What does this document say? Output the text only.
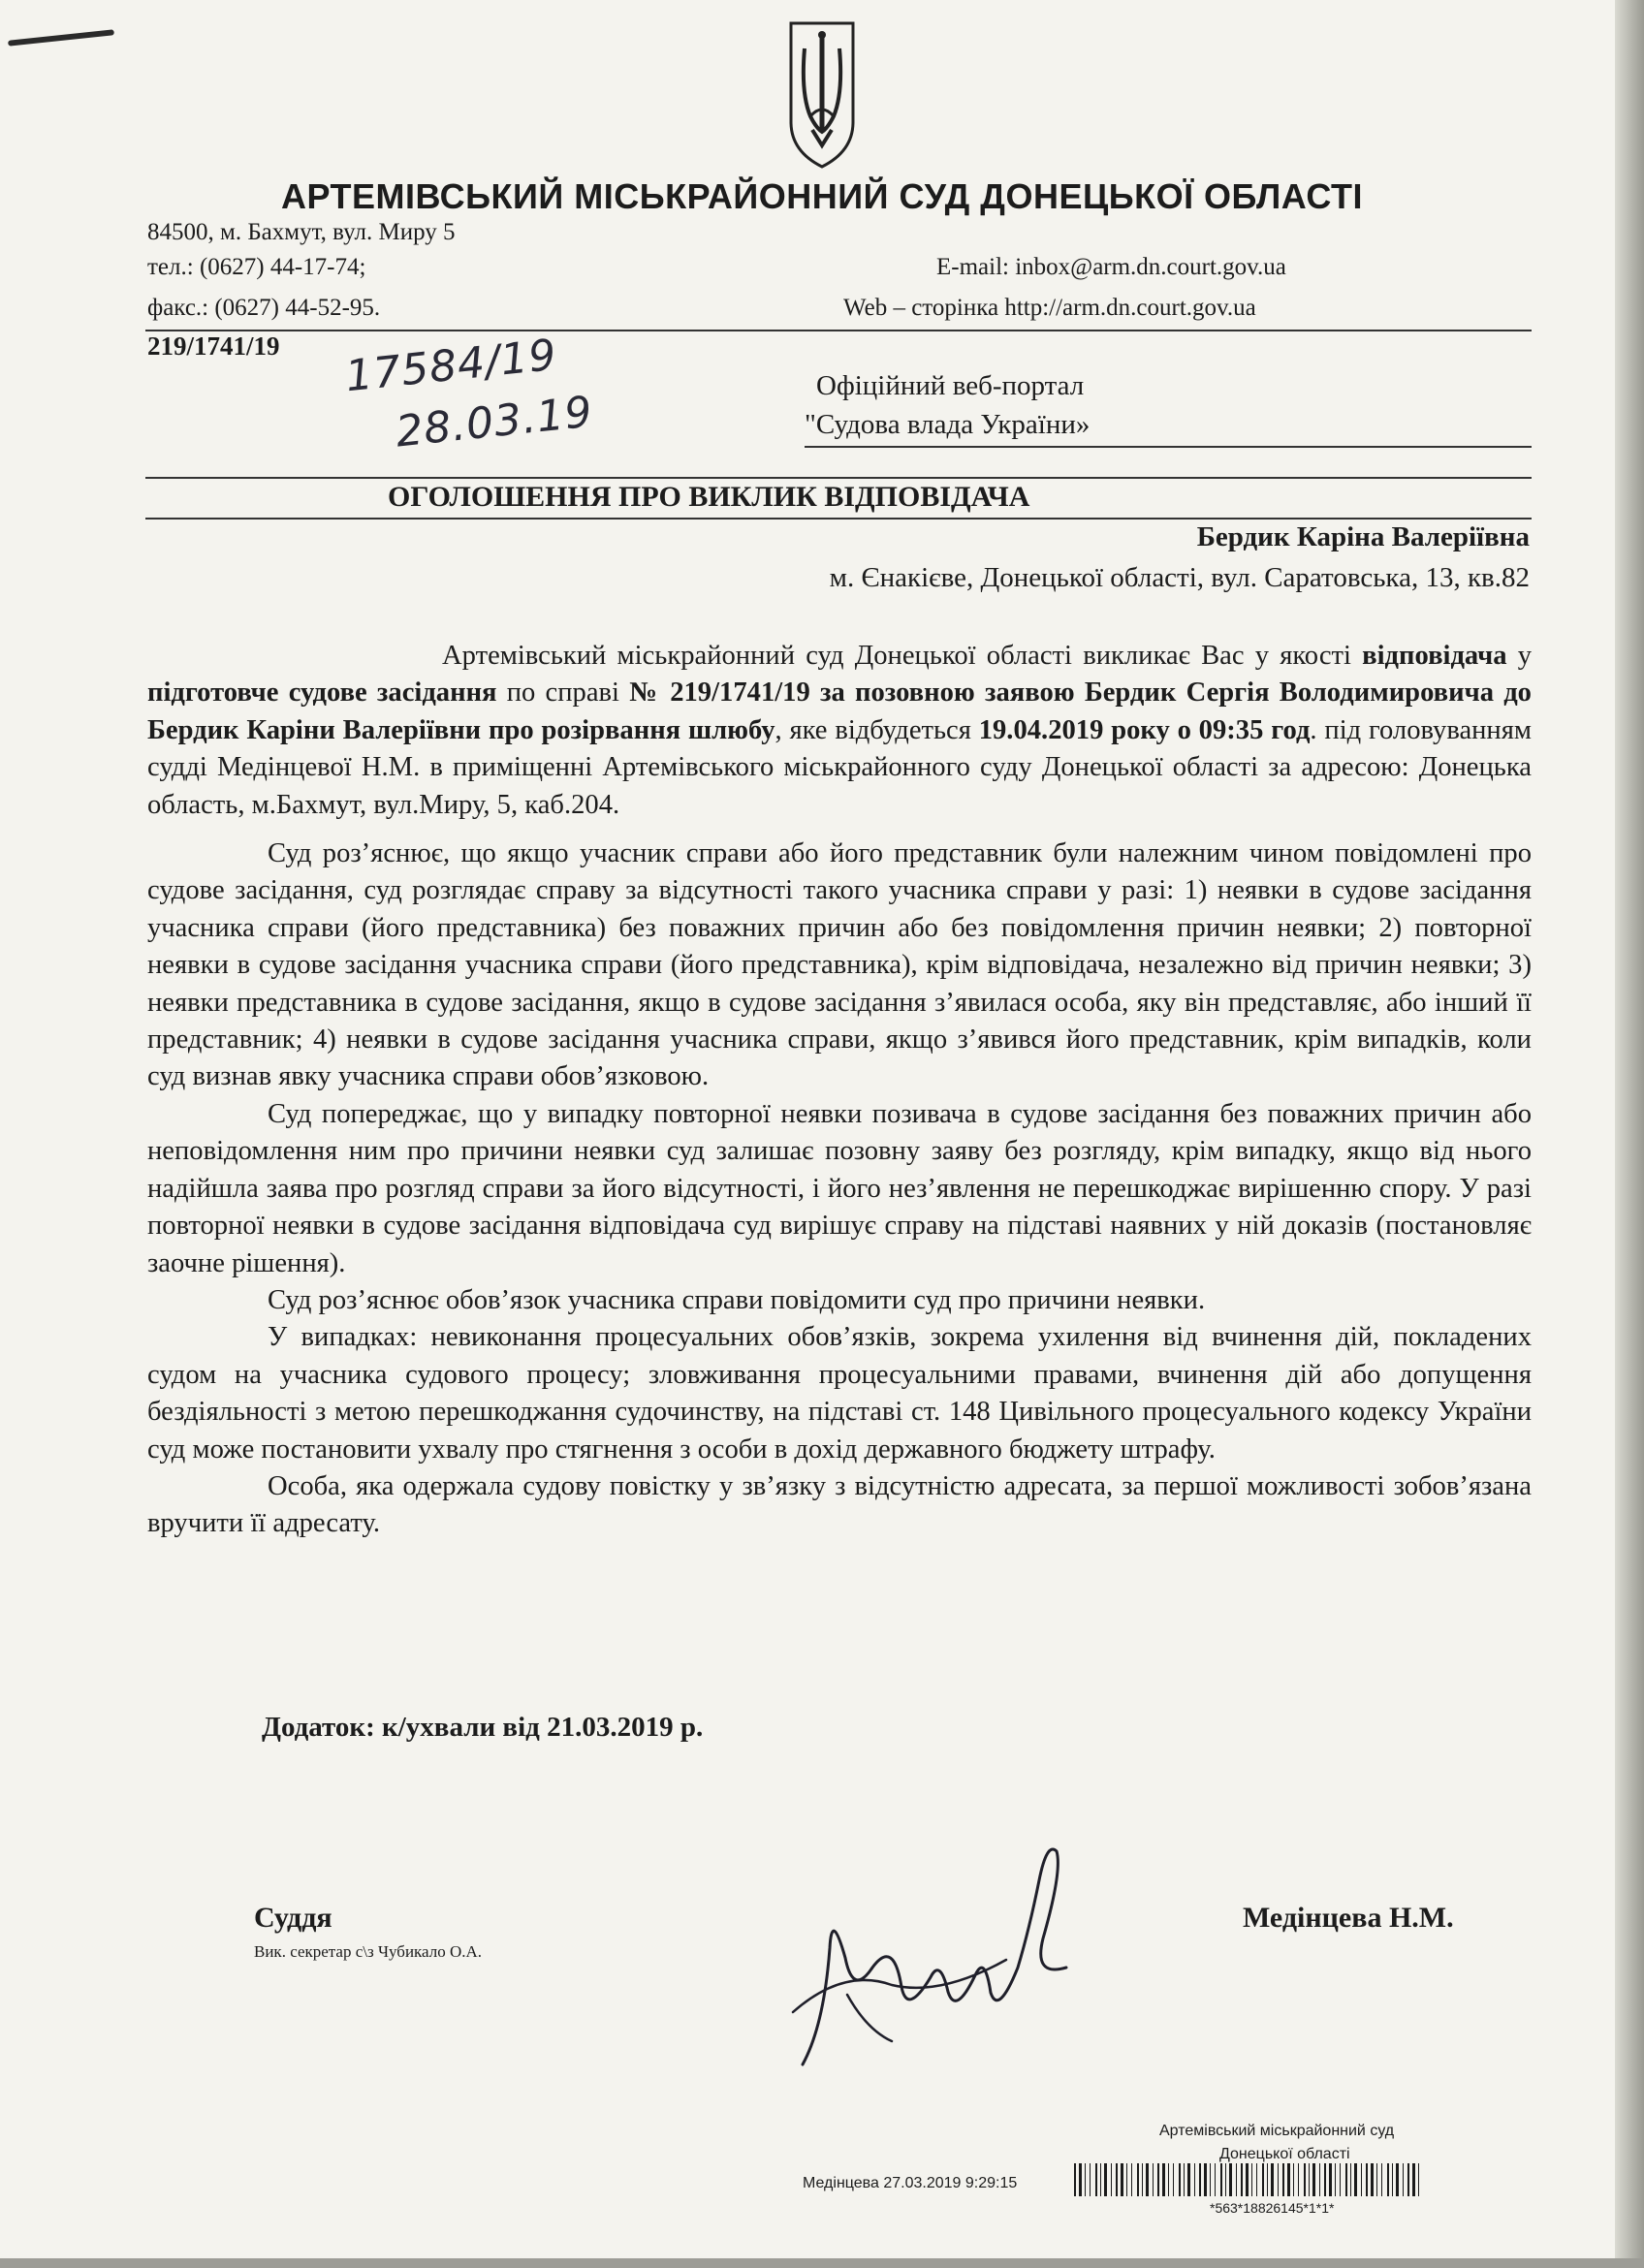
АРТЕМІВСЬКИЙ МІСЬКРАЙОННИЙ СУД ДОНЕЦЬКОЇ ОБЛАСТІ
84500, м. Бахмут, вул. Миру 5
тел.: (0627) 44-17-74;
факс.: (0627) 44-52-95.
E-mail: inbox@arm.dn.court.gov.ua
Web – сторінка http://arm.dn.court.gov.ua
219/1741/19 17584/19
28.03.19
Офіційний веб-портал
"Судова влада України»
ОГОЛОШЕННЯ ПРО ВИКЛИК ВІДПОВІДАЧА
Бердик Каріна Валеріївна
м. Єнакієве, Донецької області, вул. Саратовська, 13, кв.82

Артемівський міськрайонний суд Донецької області викликає Вас у якості відповідача у підготовче судове засідання по справі № 219/1741/19 за позовною заявою Бердик Сергія Володимировича до Бердик Каріни Валеріївни про розірвання шлюбу, яке відбудеться 19.04.2019 року о 09:35 год. під головуванням судді Медінцевої Н.М. в приміщенні Артемівського міськрайонного суду Донецької області за адресою: Донецька область, м.Бахмут, вул.Миру, 5, каб.204.

Суд роз’яснює, що якщо учасник справи або його представник були належним чином повідомлені про судове засідання, суд розглядає справу за відсутності такого учасника справи у разі: 1) неявки в судове засідання учасника справи (його представника) без поважних причин або без повідомлення причин неявки; 2) повторної неявки в судове засідання учасника справи (його представника), крім відповідача, незалежно від причин неявки; 3) неявки представника в судове засідання, якщо в судове засідання з’явилася особа, яку він представляє, або інший її представник; 4) неявки в судове засідання учасника справи, якщо з’явився його представник, крім випадків, коли суд визнав явку учасника справи обов’язковою.

Суд попереджає, що у випадку повторної неявки позивача в судове засідання без поважних причин або неповідомлення ним про причини неявки суд залишає позовну заяву без розгляду, крім випадку, якщо від нього надійшла заява про розгляд справи за його відсутності, і його нез’явлення не перешкоджає вирішенню спору. У разі повторної неявки в судове засідання відповідача суд вирішує справу на підставі наявних у ній доказів (постановляє заочне рішення).

Суд роз’яснює обов’язок учасника справи повідомити суд про причини неявки.

У випадках: невиконання процесуальних обов’язків, зокрема ухилення від вчинення дій, покладених судом на учасника судового процесу; зловживання процесуальними правами, вчинення дій або допущення бездіяльності з метою перешкоджання судочинству, на підставі ст. 148 Цивільного процесуального кодексу України суд може постановити ухвалу про стягнення з особи в дохід державного бюджету штрафу.

Особа, яка одержала судову повістку у зв’язку з відсутністю адресата, за першої можливості зобов’язана вручити її адресату.

Додаток: к/ухвали від 21.03.2019 р.
Суддя
Вик. секретар с\з Чубикало О.А.
Медінцева Н.М.
Артемівський міськрайонний суд
Донецької області
Медінцева 27.03.2019 9:29:15
*563*18826145*1*1*
